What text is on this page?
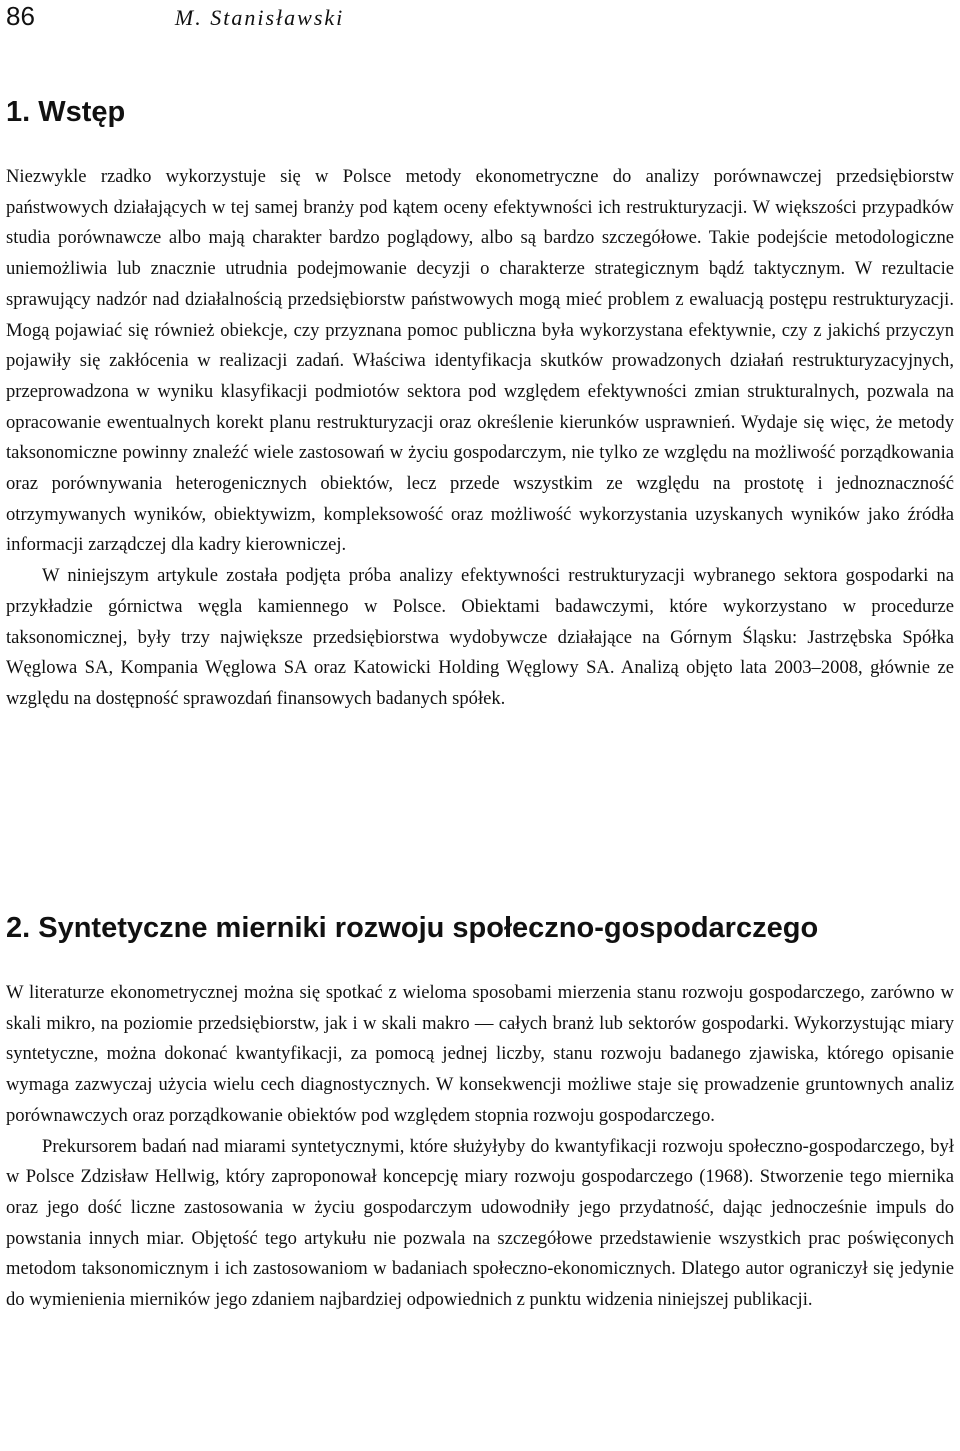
86	M. Stanisławski
1. Wstęp

Niezwykle rzadko wykorzystuje się w Polsce metody ekonometryczne do analizy porównawczej przedsiębiorstw państwowych działających w tej samej branży pod kątem oceny efektywności ich restrukturyzacji. W większości przypadków studia porównawcze albo mają charakter bardzo poglądowy, albo są bardzo szczegółowe. Takie podejście metodologiczne uniemożliwia lub znacznie utrudnia podejmowanie decyzji o charakterze strategicznym bądź taktycznym. W rezultacie sprawujący nadzór nad działalnością przedsiębiorstw państwowych mogą mieć problem z ewaluacją postępu restrukturyzacji. Mogą pojawiać się również obiekcje, czy przyznana pomoc publiczna była wykorzystana efektywnie, czy z jakichś przyczyn pojawiły się zakłócenia w realizacji zadań. Właściwa identyfikacja skutków prowadzonych działań restrukturyzacyjnych, przeprowadzona w wyniku klasyfikacji podmiotów sektora pod względem efektywności zmian strukturalnych, pozwala na opracowanie ewentualnych korekt planu restrukturyzacji oraz określenie kierunków usprawnień. Wydaje się więc, że metody taksonomiczne powinny znaleźć wiele zastosowań w życiu gospodarczym, nie tylko ze względu na możliwość porządkowania oraz porównywania heterogenicznych obiektów, lecz przede wszystkim ze względu na prostotę i jednoznaczność otrzymywanych wyników, obiektywizm, kompleksowość oraz możliwość wykorzystania uzyskanych wyników jako źródła informacji zarządczej dla kadry kierowniczej.

W niniejszym artykule została podjęta próba analizy efektywności restrukturyzacji wybranego sektora gospodarki na przykładzie górnictwa węgla kamiennego w Polsce. Obiektami badawczymi, które wykorzystano w procedurze taksonomicznej, były trzy największe przedsiębiorstwa wydobywcze działające na Górnym Śląsku: Jastrzębska Spółka Węglowa SA, Kompania Węglowa SA oraz Katowicki Holding Węglowy SA. Analizą objęto lata 2003–2008, głównie ze względu na dostępność sprawozdań finansowych badanych spółek.

2. Syntetyczne mierniki rozwoju społeczno-gospodarczego

W literaturze ekonometrycznej można się spotkać z wieloma sposobami mierzenia stanu rozwoju gospodarczego, zarówno w skali mikro, na poziomie przedsiębiorstw, jak i w skali makro — całych branż lub sektorów gospodarki. Wykorzystując miary syntetyczne, można dokonać kwantyfikacji, za pomocą jednej liczby, stanu rozwoju badanego zjawiska, którego opisanie wymaga zazwyczaj użycia wielu cech diagnostycznych. W konsekwencji możliwe staje się prowadzenie gruntownych analiz porównawczych oraz porządkowanie obiektów pod względem stopnia rozwoju gospodarczego.

Prekursorem badań nad miarami syntetycznymi, które służyłyby do kwantyfikacji rozwoju społeczno-gospodarczego, był w Polsce Zdzisław Hellwig, który zaproponował koncepcję miary rozwoju gospodarczego (1968). Stworzenie tego miernika oraz jego dość liczne zastosowania w życiu gospodarczym udowodniły jego przydatność, dając jednocześnie impuls do powstania innych miar. Objętość tego artykułu nie pozwala na szczegółowe przedstawienie wszystkich prac poświęconych metodom taksonomicznym i ich zastosowaniom w badaniach społeczno-ekonomicznych. Dlatego autor ograniczył się jedynie do wymienienia mierników jego zdaniem najbardziej odpowiednich z punktu widzenia niniejszej publikacji.
